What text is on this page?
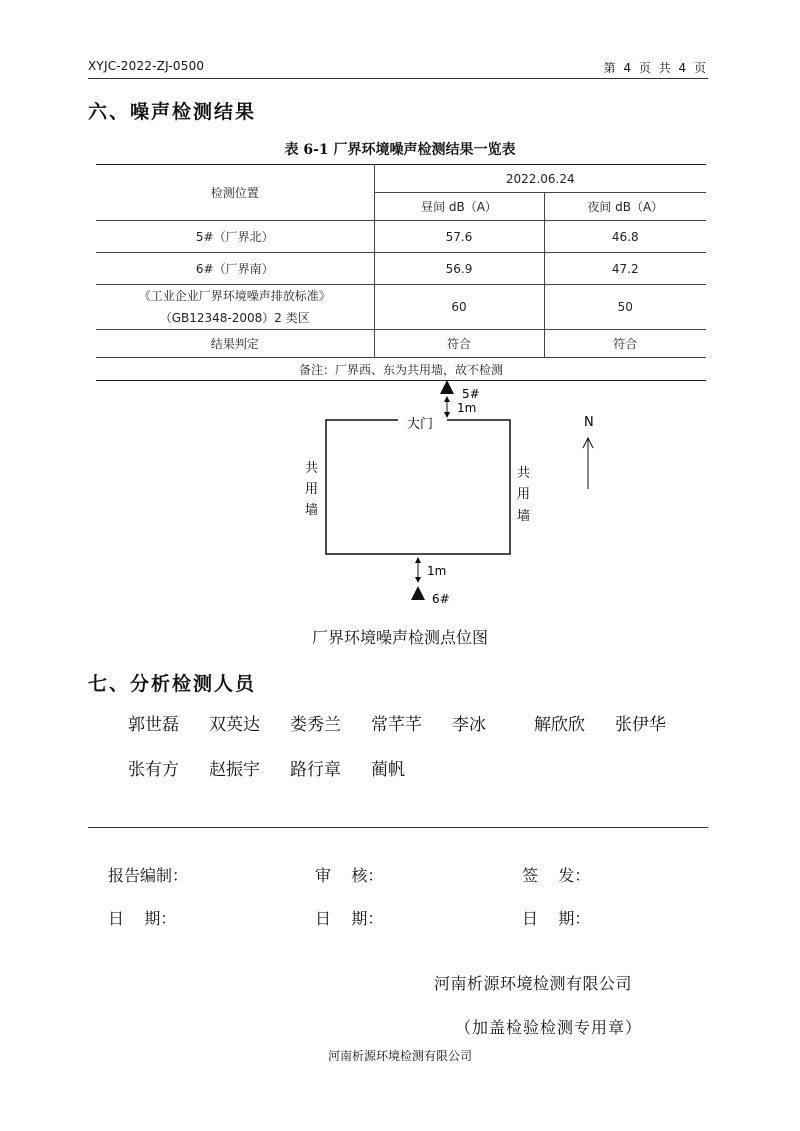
XYJC-2022-ZJ-0500	第 4 页 共 4 页
六、噪声检测结果
表 6-1 厂界环境噪声检测结果一览表
检测位置	2022.06.24	
	昼间 dB（A）	夜间 dB（A）
5#（厂界北）	57.6	46.8
6#（厂界南）	56.9	47.2

《工业企业厂界环境噪声排放标准》
（GB12348-2008）2 类区	60	50
结果判定	符合	符合
备注：厂界西、东为共用墙，故不检测		
5#
1m
大门
共
用
墙
共
用
墙
N
1m
6#
厂界环境噪声检测点位图
七、分析检测人员
郭世磊 双英达 娄秀兰 常芊芊 李冰	解欣欣 张伊华
张有方 赵振宇 路行章 蔺帆
报告编制：	审    核：	签    发：
日    期：	日    期：	日    期：
河南析源环境检测有限公司
（加盖检验检测专用章）
河南析源环境检测有限公司
